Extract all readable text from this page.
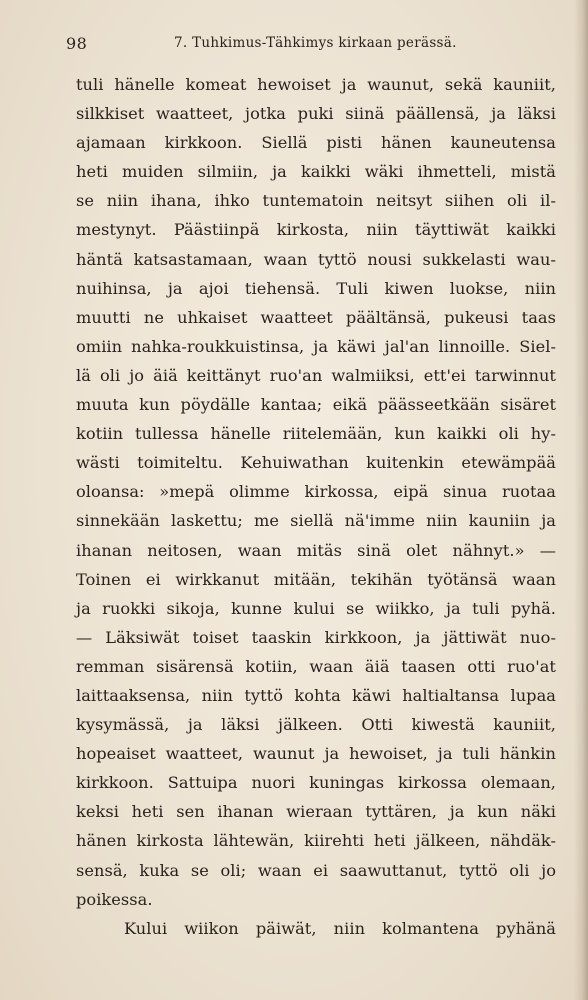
98	7. Tuhkimus-Tähkimys kirkaan perässä.
tuli hänelle komeat hewoiset ja waunut, sekä kauniit,
silkkiset waatteet, jotka puki siinä päällensä, ja läksi
ajamaan kirkkoon. Siellä pisti hänen kauneutensa
heti muiden silmiin, ja kaikki wäki ihmetteli, mistä
se niin ihana, ihko tuntematoin neitsyt siihen oli il-
mestynyt. Päästiinpä kirkosta, niin täyttiwät kaikki
häntä katsastamaan, waan tyttö nousi sukkelasti wau-
nuihinsa, ja ajoi tiehensä. Tuli kiwen luokse, niin
muutti ne uhkaiset waatteet päältänsä, pukeusi taas
omiin nahka-roukkuistinsa, ja käwi jal'an linnoille. Siel-
lä oli jo äiä keittänyt ruo'an walmiiksi, ett'ei tarwinnut
muuta kun pöydälle kantaa; eikä päässeetkään sisäret
kotiin tullessa hänelle riitelemään, kun kaikki oli hy-
wästi toimiteltu. Kehuiwathan kuitenkin etewämpää
oloansa: »mepä olimme kirkossa, eipä sinua ruotaa
sinnekään laskettu; me siellä nä'imme niin kauniin ja
ihanan neitosen, waan mitäs sinä olet nähnyt.» —
Toinen ei wirkkanut mitään, tekihän työtänsä waan
ja ruokki sikoja, kunne kului se wiikko, ja tuli pyhä.
— Läksiwät toiset taaskin kirkkoon, ja jättiwät nuo-
remman sisärensä kotiin, waan äiä taasen otti ruo'at
laittaaksensa, niin tyttö kohta käwi haltialtansa lupaa
kysymässä, ja läksi jälkeen. Otti kiwestä kauniit,
hopeaiset waatteet, waunut ja hewoiset, ja tuli hänkin
kirkkoon. Sattuipa nuori kuningas kirkossa olemaan,
keksi heti sen ihanan wieraan tyttären, ja kun näki
hänen kirkosta lähtewän, kiirehti heti jälkeen, nähdäk-
sensä, kuka se oli; waan ei saawuttanut, tyttö oli jo
poikessa.
Kului wiikon päiwät, niin kolmantena pyhänä
